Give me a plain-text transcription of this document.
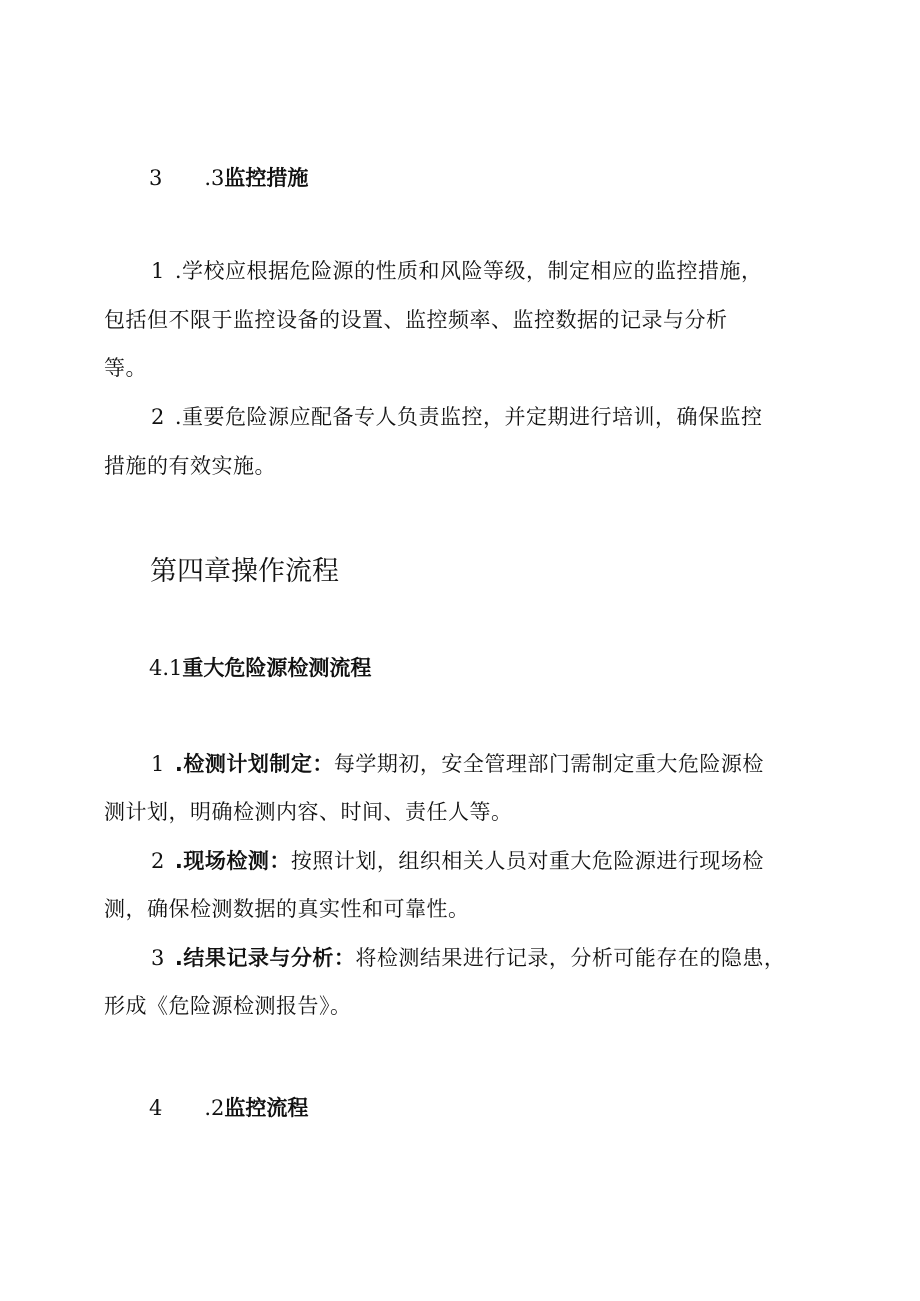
3 .3监控措施
1 .学校应根据危险源的性质和风险等级，制定相应的监控措施，
包括但不限于监控设备的设置、监控频率、监控数据的记录与分析
等。
2 .重要危险源应配备专人负责监控，并定期进行培训，确保监控
措施的有效实施。
第四章操作流程
4.1重大危险源检测流程
1 .检测计划制定：每学期初，安全管理部门需制定重大危险源检
测计划，明确检测内容、时间、责任人等。
2 .现场检测：按照计划，组织相关人员对重大危险源进行现场检
测，确保检测数据的真实性和可靠性。
3 .结果记录与分析：将检测结果进行记录，分析可能存在的隐患，
形成《危险源检测报告》。
4 .2监控流程
